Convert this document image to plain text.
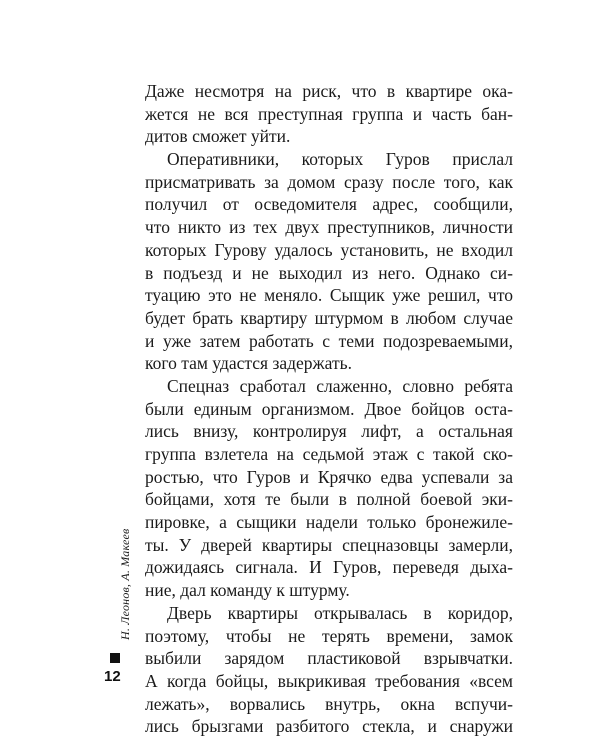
Даже несмотря на риск, что в квартире ока-
жется не вся преступная группа и часть бан-
дитов сможет уйти.
Оперативники, которых Гуров прислал
присматривать за домом сразу после того, как
получил от осведомителя адрес, сообщили,
что никто из тех двух преступников, личности
которых Гурову удалось установить, не входил
в подъезд и не выходил из него. Однако си-
туацию это не меняло. Сыщик уже решил, что
будет брать квартиру штурмом в любом случае
и уже затем работать с теми подозреваемыми,
кого там удастся задержать.
Спецназ сработал слаженно, словно ребята
были единым организмом. Двое бойцов оста-
лись внизу, контролируя лифт, а остальная
группа взлетела на седьмой этаж с такой ско-
ростью, что Гуров и Крячко едва успевали за
бойцами, хотя те были в полной боевой эки-
пировке, а сыщики надели только бронежиле-
ты. У дверей квартиры спецназовцы замерли,
дожидаясь сигнала. И Гуров, переведя дыха-
ние, дал команду к штурму.
Дверь квартиры открывалась в коридор,
поэтому, чтобы не терять времени, замок
выбили зарядом пластиковой взрывчатки.
А когда бойцы, выкрикивая требования «всем
лежать», ворвались внутрь, окна вспучи-
лись брызгами разбитого стекла, и снаружи
Н. Леонов, А. Макеев
12
